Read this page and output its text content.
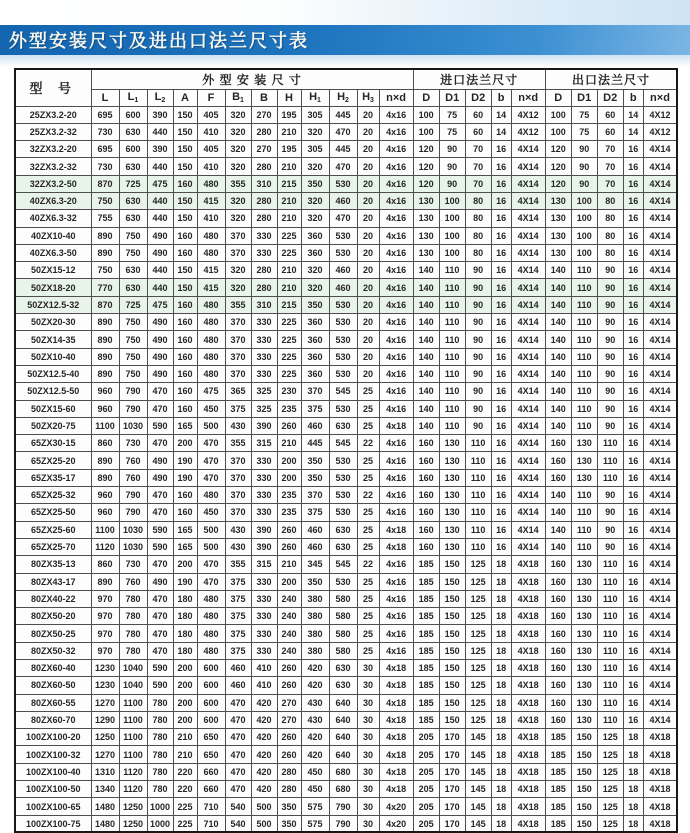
外型安装尺寸及进出口法兰尺寸表
型 号	外 型 安 装 尺 寸												进口法兰尺寸					出口法兰尺寸				
	L	$L_1$	$L_2$	A	F	$B_1$	B	H	$H_1$	$H_2$	$H_3$	n×d	D	D1	D2	b	n×d	D	D1	D2	b	n×d
25ZX3.2-20	695	600	390	150	405	320	270	195	305	445	20	4x16	100	75	60	14	4X12	100	75	60	14	4X12
25ZX3.2-32	730	630	440	150	410	320	280	210	320	470	20	4x16	100	75	60	14	4X12	100	75	60	14	4X12
32ZX3.2-20	695	600	390	150	405	320	270	195	305	445	20	4x16	120	90	70	16	4X14	120	90	70	16	4X14
32ZX3.2-32	730	630	440	150	410	320	280	210	320	470	20	4x16	120	90	70	16	4X14	120	90	70	16	4X14
32ZX3.2-50	870	725	475	160	480	355	310	215	350	530	20	4x16	120	90	70	16	4X14	120	90	70	16	4X14
40ZX6.3-20	750	630	440	150	415	320	280	210	320	460	20	4x16	130	100	80	16	4X14	130	100	80	16	4X14
40ZX6.3-32	755	630	440	150	410	320	280	210	320	470	20	4x16	130	100	80	16	4X14	130	100	80	16	4X14
40ZX10-40	890	750	490	160	480	370	330	225	360	530	20	4x16	130	100	80	16	4X14	130	100	80	16	4X14
40ZX6.3-50	890	750	490	160	480	370	330	225	360	530	20	4x16	130	100	80	16	4X14	130	100	80	16	4X14
50ZX15-12	750	630	440	150	415	320	280	210	320	460	20	4x16	140	110	90	16	4X14	140	110	90	16	4X14
50ZX18-20	770	630	440	150	415	320	280	210	320	460	20	4x16	140	110	90	16	4X14	140	110	90	16	4X14
50ZX12.5-32	870	725	475	160	480	355	310	215	350	530	20	4x16	140	110	90	16	4X14	140	110	90	16	4X14
50ZX20-30	890	750	490	160	480	370	330	225	360	530	20	4x16	140	110	90	16	4X14	140	110	90	16	4X14
50ZX14-35	890	750	490	160	480	370	330	225	360	530	20	4x16	140	110	90	16	4X14	140	110	90	16	4X14
50ZX10-40	890	750	490	160	480	370	330	225	360	530	20	4x16	140	110	90	16	4X14	140	110	90	16	4X14
50ZX12.5-40	890	750	490	160	480	370	330	225	360	530	20	4x16	140	110	90	16	4X14	140	110	90	16	4X14
50ZX12.5-50	960	790	470	160	475	365	325	230	370	545	25	4x16	140	110	90	16	4X14	140	110	90	16	4X14
50ZX15-60	960	790	470	160	450	375	325	235	375	530	25	4x16	140	110	90	16	4X14	140	110	90	16	4X14
50ZX20-75	1100	1030	590	165	500	430	390	260	460	630	25	4x18	140	110	90	16	4X14	140	110	90	16	4X14
65ZX30-15	860	730	470	200	470	355	315	210	445	545	22	4x16	160	130	110	16	4X14	160	130	110	16	4X14
65ZX25-20	890	760	490	190	470	370	330	200	350	530	25	4x16	160	130	110	16	4X14	160	130	110	16	4X14
65ZX35-17	890	760	490	190	470	370	330	200	350	530	25	4x16	160	130	110	16	4X14	160	130	110	16	4X14
65ZX25-32	960	790	470	160	480	370	330	235	370	530	22	4x16	160	130	110	16	4X14	140	110	90	16	4X14
65ZX25-50	960	790	470	160	450	370	330	235	375	530	25	4x16	160	130	110	16	4X14	140	110	90	16	4X14
65ZX25-60	1100	1030	590	165	500	430	390	260	460	630	25	4x18	160	130	110	16	4X14	140	110	90	16	4X14
65ZX25-70	1120	1030	590	165	500	430	390	260	460	630	25	4x18	160	130	110	16	4X14	140	110	90	16	4X14
80ZX35-13	860	730	470	200	470	355	315	210	345	545	22	4x16	185	150	125	18	4X18	160	130	110	16	4X14
80ZX43-17	890	760	490	190	470	375	330	200	350	530	25	4x16	185	150	125	18	4X18	160	130	110	16	4X14
80ZX40-22	970	780	470	180	480	375	330	240	380	580	25	4x16	185	150	125	18	4X18	160	130	110	16	4X14
80ZX50-20	970	780	470	180	480	375	330	240	380	580	25	4x16	185	150	125	18	4X18	160	130	110	16	4X14
80ZX50-25	970	780	470	180	480	375	330	240	380	580	25	4x16	185	150	125	18	4X18	160	130	110	16	4X14
80ZX50-32	970	780	470	180	480	375	330	240	380	580	25	4x16	185	150	125	18	4X18	160	130	110	16	4X14
80ZX60-40	1230	1040	590	200	600	460	410	260	420	630	30	4x18	185	150	125	18	4X18	160	130	110	16	4X14
80ZX60-50	1230	1040	590	200	600	460	410	260	420	630	30	4x18	185	150	125	18	4X18	160	130	110	16	4X14
80ZX60-55	1270	1100	780	200	600	470	420	270	430	640	30	4x18	185	150	125	18	4X18	160	130	110	16	4X14
80ZX60-70	1290	1100	780	200	600	470	420	270	430	640	30	4x18	185	150	125	18	4X18	160	130	110	16	4X14
100ZX100-20	1250	1100	780	210	650	470	420	260	420	640	30	4x18	205	170	145	18	4X18	185	150	125	18	4X18
100ZX100-32	1270	1100	780	210	650	470	420	260	420	640	30	4x18	205	170	145	18	4X18	185	150	125	18	4X18
100ZX100-40	1310	1120	780	220	660	470	420	280	450	680	30	4x18	205	170	145	18	4X18	185	150	125	18	4X18
100ZX100-50	1340	1120	780	220	660	470	420	280	450	680	30	4x18	205	170	145	18	4X18	185	150	125	18	4X18
100ZX100-65	1480	1250	1000	225	710	540	500	350	575	790	30	4x20	205	170	145	18	4X18	185	150	125	18	4X18
100ZX100-75	1480	1250	1000	225	710	540	500	350	575	790	30	4x20	205	170	145	18	4X18	185	150	125	18	4X18
